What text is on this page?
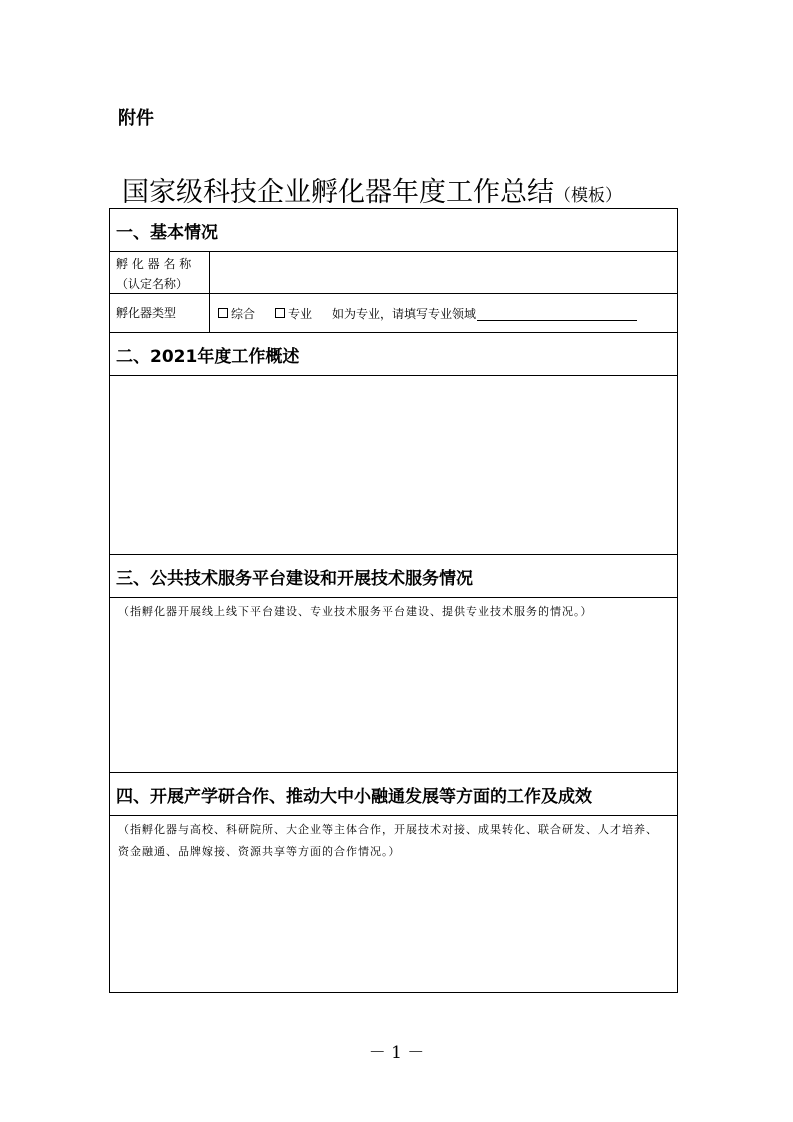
附件
国家级科技企业孵化器年度工作总结（模板）
一、基本情况
孵 化 器 名 称
（认定名称）
孵化器类型	综合	专业 如为专业，请填写专业领域
二、2021年度工作概述
三、公共技术服务平台建设和开展技术服务情况
（指孵化器开展线上线下平台建设、专业技术服务平台建设、提供专业技术服务的情况。）
四、开展产学研合作、推动大中小融通发展等方面的工作及成效
（指孵化器与高校、科研院所、大企业等主体合作，开展技术对接、成果转化、联合研发、人才培养、资金融通、品牌嫁接、资源共享等方面的合作情况。）
－ 1 －
